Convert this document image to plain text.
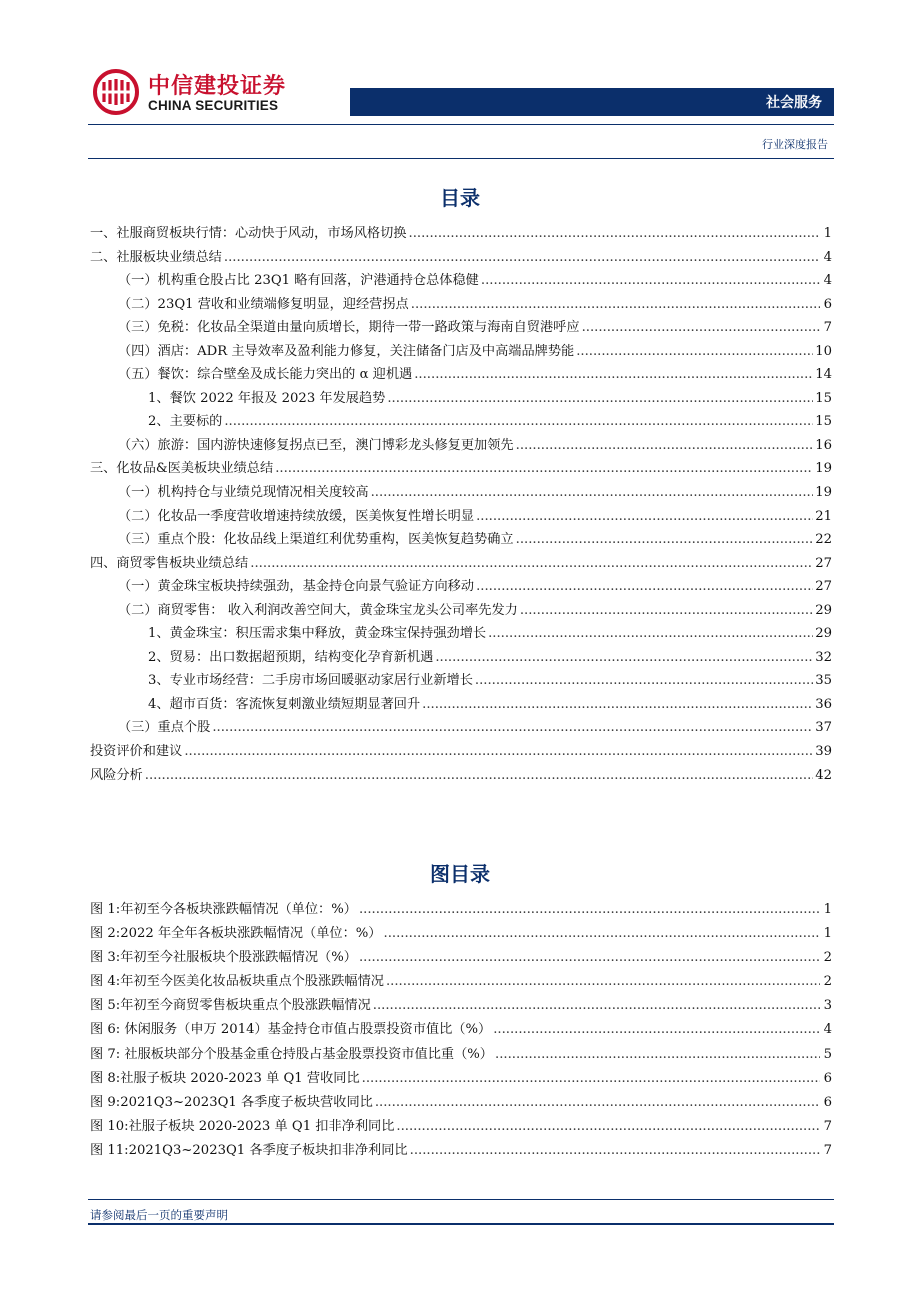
中信建投证券
CHINA SECURITIES	社会服务
行业深度报告
目录
一、社服商贸板块行情：心动快于风动，市场风格切换 .....	1
二、社服板块业绩总结 .....	4
（一）机构重仓股占比 23Q1 略有回落，沪港通持仓总体稳健 .....	4
（二）23Q1 营收和业绩端修复明显，迎经营拐点 .....	6
（三）免税：化妆品全渠道由量向质增长，期待一带一路政策与海南自贸港呼应 .....	7
（四）酒店：ADR 主导效率及盈利能力修复，关注储备门店及中高端品牌势能 .....	10
（五）餐饮：综合壁垒及成长能力突出的 α 迎机遇 .....	14
1、餐饮 2022 年报及 2023 年发展趋势 .....	15
2、主要标的 .....	15
（六）旅游：国内游快速修复拐点已至，澳门博彩龙头修复更加领先 .....	16
三、化妆品&医美板块业绩总结 .....	19
（一）机构持仓与业绩兑现情况相关度较高 .....	19
（二）化妆品一季度营收增速持续放缓，医美恢复性增长明显 .....	21
（三）重点个股：化妆品线上渠道红利优势重构，医美恢复趋势确立 .....	22
四、商贸零售板块业绩总结 .....	27
（一）黄金珠宝板块持续强劲，基金持仓向景气验证方向移动 .....	27
（二）商贸零售： 收入利润改善空间大，黄金珠宝龙头公司率先发力 .....	29
1、黄金珠宝：积压需求集中释放，黄金珠宝保持强劲增长 .....	29
2、贸易：出口数据超预期，结构变化孕育新机遇 .....	32
3、专业市场经营：二手房市场回暖驱动家居行业新增长 .....	35
4、超市百货：客流恢复刺激业绩短期显著回升 .....	36
（三）重点个股 .....	37
投资评价和建议 .....	39
风险分析 .....	42
图目录
图 1:年初至今各板块涨跌幅情况（单位：%） .....	1
图 2:2022 年全年各板块涨跌幅情况（单位：%） .....	1
图 3:年初至今社服板块个股涨跌幅情况（%） .....	2
图 4:年初至今医美化妆品板块重点个股涨跌幅情况 .....	2
图 5:年初至今商贸零售板块重点个股涨跌幅情况 .....	3
图 6: 休闲服务（申万 2014）基金持仓市值占股票投资市值比（%） .....	4
图 7: 社服板块部分个股基金重仓持股占基金股票投资市值比重（%） .....	5
图 8:社服子板块 2020-2023 单 Q1 营收同比 .....	6
图 9:2021Q3~2023Q1 各季度子板块营收同比 .....	6
图 10:社服子板块 2020-2023 单 Q1 扣非净利同比 .....	7
图 11:2021Q3~2023Q1 各季度子板块扣非净利同比 .....	7
请参阅最后一页的重要声明
